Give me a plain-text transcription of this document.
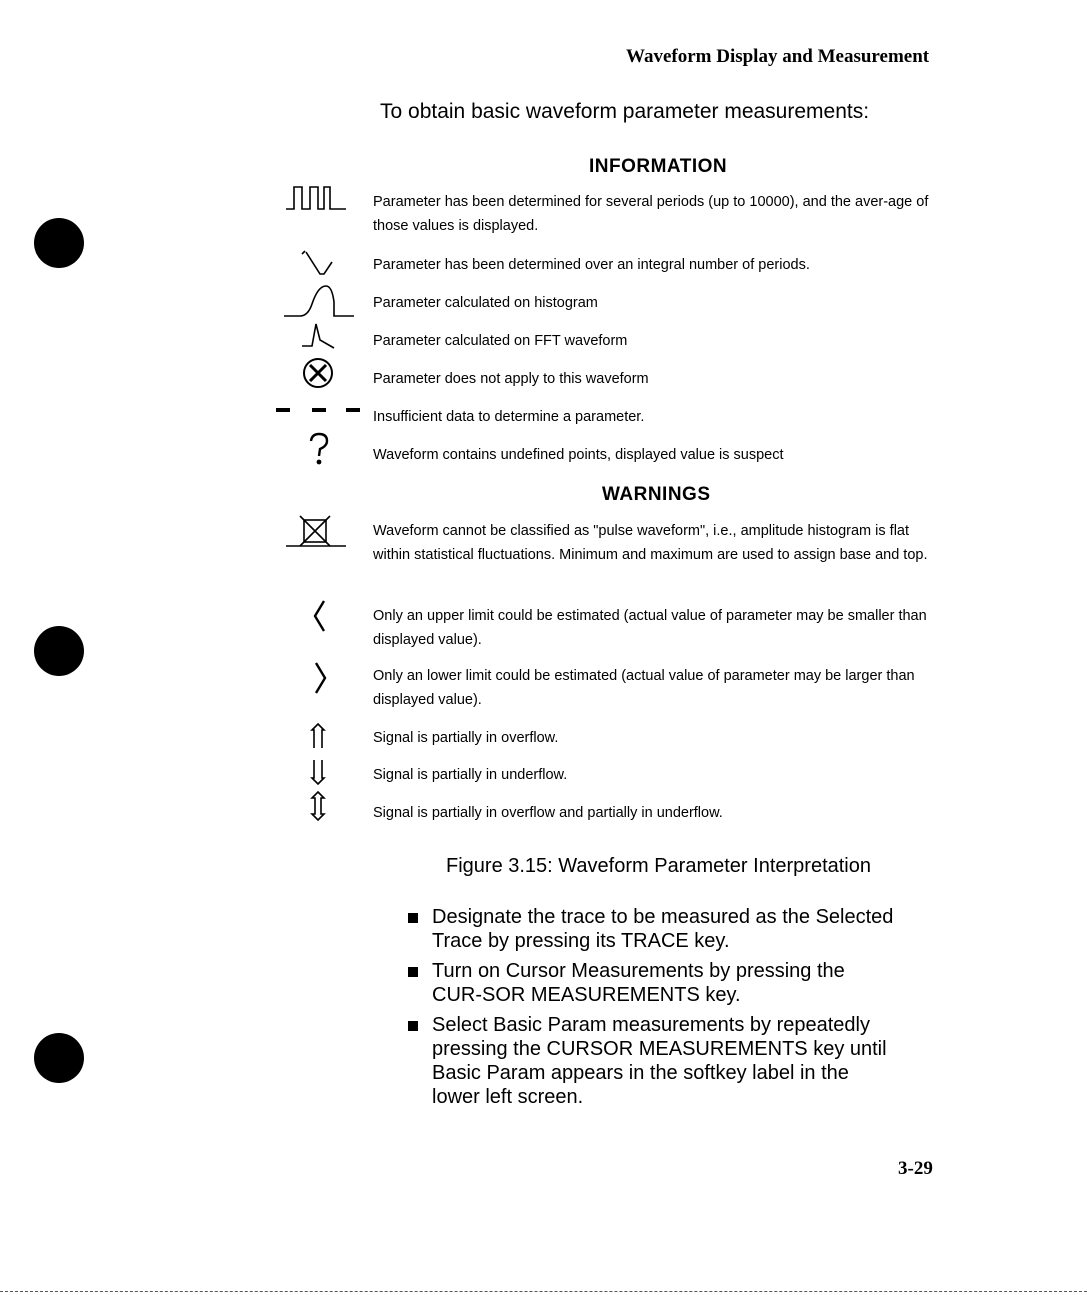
Waveform Display and Measurement
To obtain basic waveform parameter measurements:
INFORMATION
Parameter has been determined for several periods (up to 10000), and the aver-age of those values is displayed.
Parameter has been determined over an integral number of periods.
Parameter calculated on histogram
Parameter calculated on FFT waveform
Parameter does not apply to this waveform
Insufficient data to determine a parameter.
Waveform contains undefined points, displayed value is suspect
WARNINGS
Waveform cannot be classified as "pulse waveform", i.e., amplitude histogram is flat within statistical fluctuations. Minimum and maximum are used to assign base and top.
Only an upper limit could be estimated (actual value of parameter may be smaller than displayed value).
Only an lower limit could be estimated (actual value of parameter may be larger than displayed value).
Signal is partially in overflow.
Signal is partially in underflow.
Signal is partially in overflow and partially in underflow.
Figure 3.15: Waveform Parameter Interpretation
Designate the trace to be measured as the Selected Trace by pressing its TRACE key.
Turn on Cursor Measurements by pressing the CUR-SOR MEASUREMENTS key.
Select Basic Param measurements by repeatedly pressing the CURSOR MEASUREMENTS key until Basic Param appears in the softkey label in the lower left screen.
3-29
